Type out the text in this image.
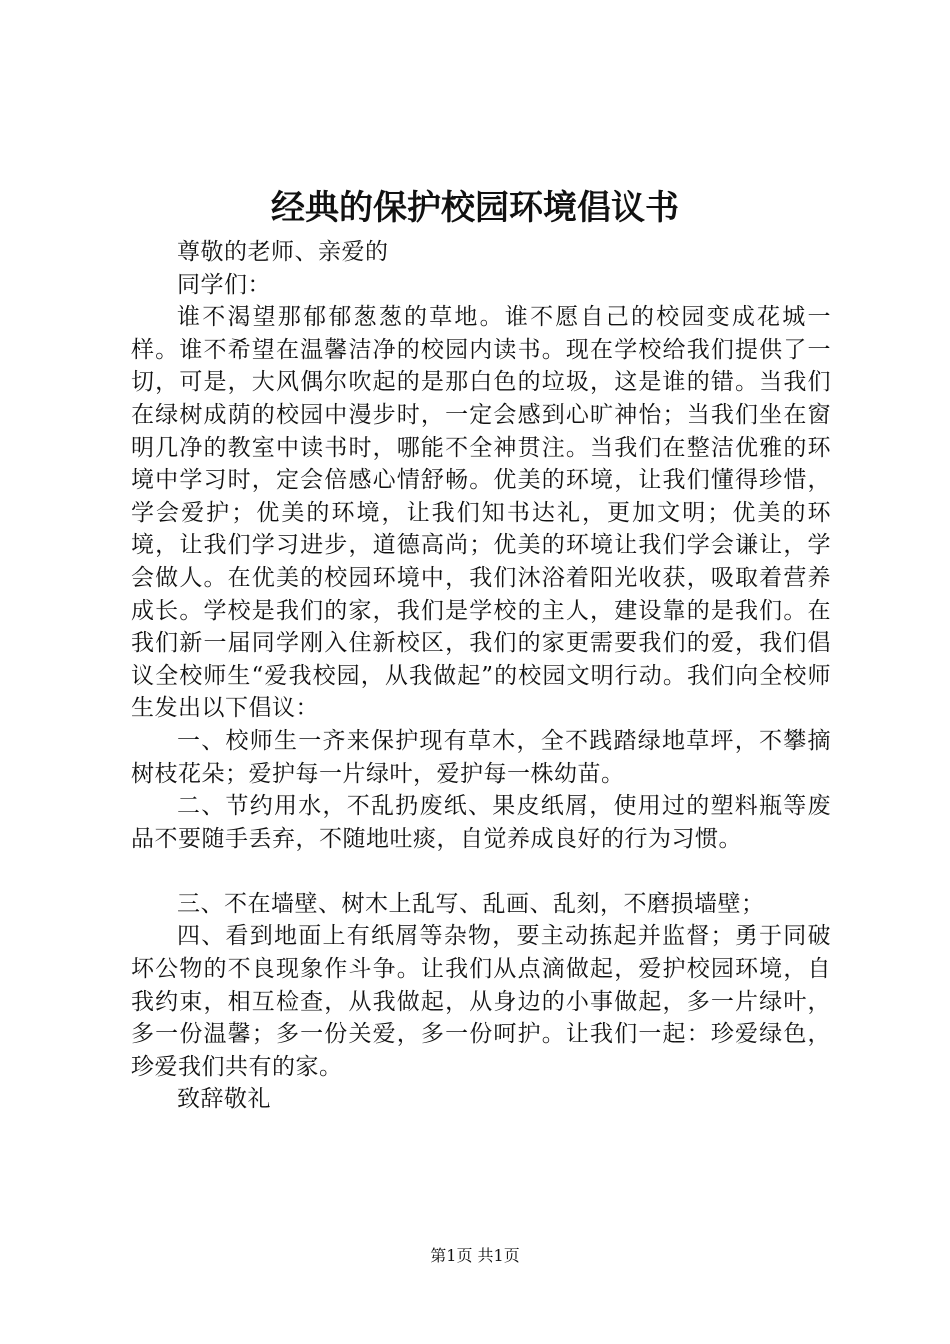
经典的保护校园环境倡议书

尊敬的老师、亲爱的

同学们：

谁不渴望那郁郁葱葱的草地。谁不愿自己的校园变成花城一样。谁不希望在温馨洁净的校园内读书。现在学校给我们提供了一切，可是，大风偶尔吹起的是那白色的垃圾，这是谁的错。当我们在绿树成荫的校园中漫步时，一定会感到心旷神怡；当我们坐在窗明几净的教室中读书时，哪能不全神贯注。当我们在整洁优雅的环境中学习时，定会倍感心情舒畅。优美的环境，让我们懂得珍惜，学会爱护；优美的环境，让我们知书达礼，更加文明；优美的环境，让我们学习进步，道德高尚；优美的环境让我们学会谦让，学会做人。在优美的校园环境中，我们沐浴着阳光收获，吸取着营养成长。学校是我们的家，我们是学校的主人，建设靠的是我们。在我们新一届同学刚入住新校区，我们的家更需要我们的爱，我们倡议全校师生“爱我校园，从我做起”的校园文明行动。我们向全校师生发出以下倡议：

一、校师生一齐来保护现有草木，全不践踏绿地草坪，不攀摘树枝花朵；爱护每一片绿叶，爱护每一株幼苗。

二、节约用水，不乱扔废纸、果皮纸屑，使用过的塑料瓶等废品不要随手丢弃，不随地吐痰，自觉养成良好的行为习惯。

三、不在墙壁、树木上乱写、乱画、乱刻，不磨损墙壁；

四、看到地面上有纸屑等杂物，要主动拣起并监督；勇于同破坏公物的不良现象作斗争。让我们从点滴做起，爱护校园环境，自我约束，相互检查，从我做起，从身边的小事做起，多一片绿叶，多一份温馨；多一份关爱，多一份呵护。让我们一起：珍爱绿色，珍爱我们共有的家。

致辞敬礼

第1页 共1页
